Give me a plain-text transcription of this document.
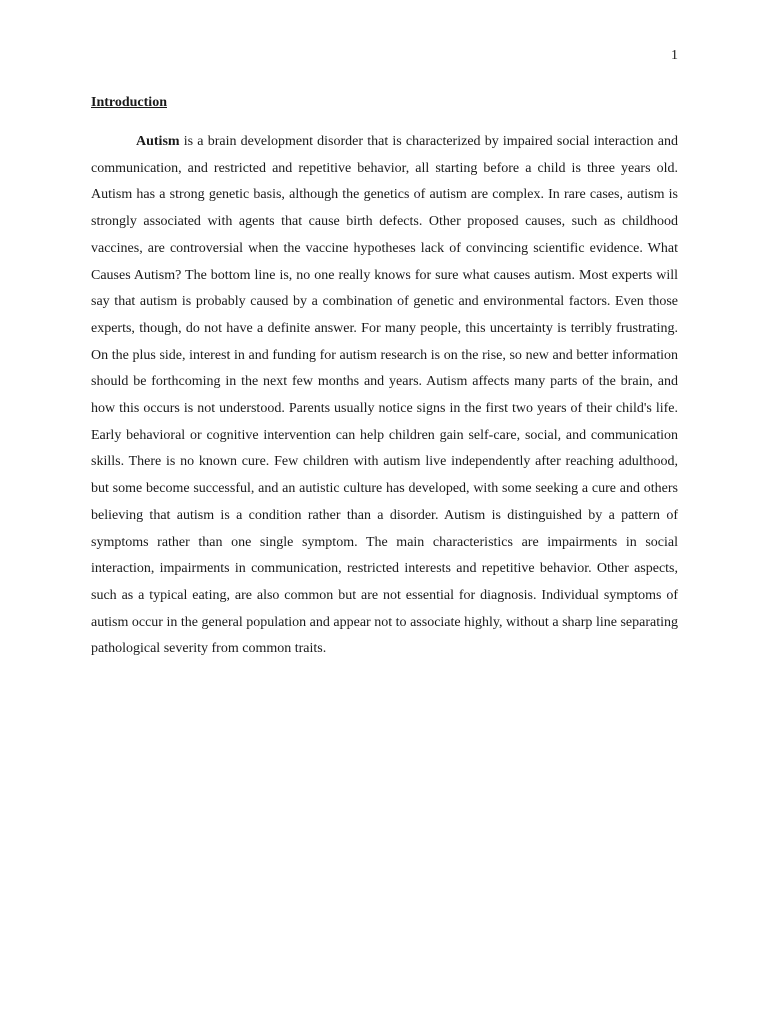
1
Introduction

Autism is a brain development disorder that is characterized by impaired social interaction and communication, and restricted and repetitive behavior, all starting before a child is three years old. Autism has a strong genetic basis, although the genetics of autism are complex. In rare cases, autism is strongly associated with agents that cause birth defects. Other proposed causes, such as childhood vaccines, are controversial when the vaccine hypotheses lack of convincing scientific evidence. What Causes Autism? The bottom line is, no one really knows for sure what causes autism. Most experts will say that autism is probably caused by a combination of genetic and environmental factors. Even those experts, though, do not have a definite answer. For many people, this uncertainty is terribly frustrating. On the plus side, interest in and funding for autism research is on the rise, so new and better information should be forthcoming in the next few months and years. Autism affects many parts of the brain, and how this occurs is not understood. Parents usually notice signs in the first two years of their child's life. Early behavioral or cognitive intervention can help children gain self-care, social, and communication skills. There is no known cure. Few children with autism live independently after reaching adulthood, but some become successful, and an autistic culture has developed, with some seeking a cure and others believing that autism is a condition rather than a disorder. Autism is distinguished by a pattern of symptoms rather than one single symptom. The main characteristics are impairments in social interaction, impairments in communication, restricted interests and repetitive behavior. Other aspects, such as a typical eating, are also common but are not essential for diagnosis. Individual symptoms of autism occur in the general population and appear not to associate highly, without a sharp line separating pathological severity from common traits.
